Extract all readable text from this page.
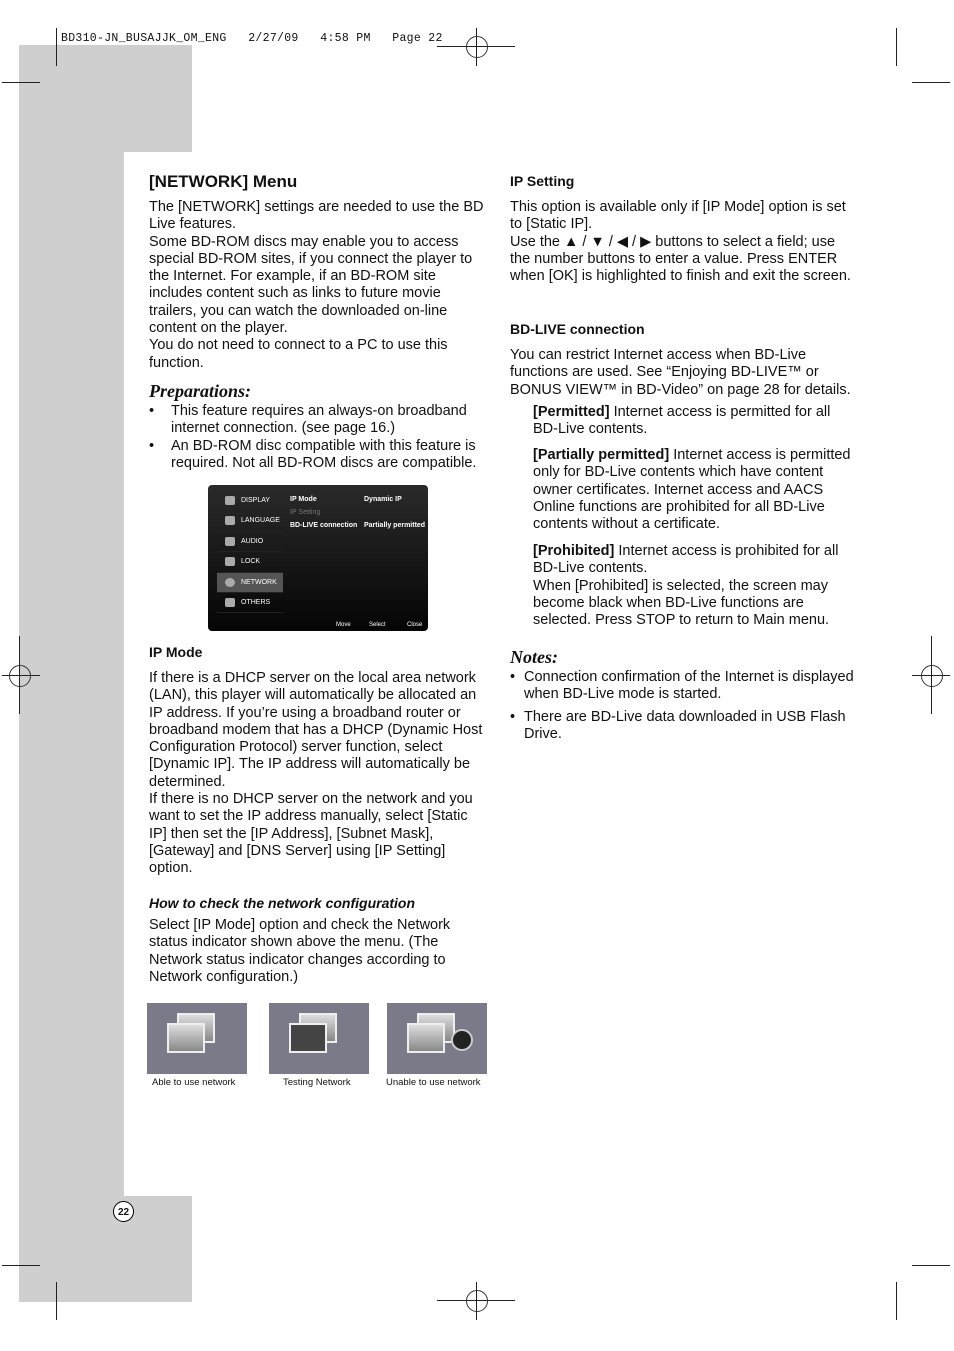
BD310-JN_BUSAJJK_OM_ENG   2/27/09   4:58 PM   Page 22
[NETWORK] Menu

The [NETWORK] settings are needed to use the BD Live features.

Some BD-ROM discs may enable you to access special BD-ROM sites, if you connect the player to the Internet. For example, if an BD-ROM site includes content such as links to future movie trailers, you can watch the downloaded on-line content on the player.

You do not need to connect to a PC to use this function.

Preparations:
• This feature requires an always-on broadband internet connection. (see page 16.)
• An BD-ROM disc compatible with this feature is required. Not all BD-ROM discs are compatible.
DISPLAY
LANGUAGE
AUDIO
LOCK
NETWORK
OTHERS
IP Mode	Dynamic IP
IP Setting
BD-LIVE connection Partially permitted
Move	Select	Close
IP Mode

If there is a DHCP server on the local area network (LAN), this player will automatically be allocated an IP address. If you’re using a broadband router or broadband modem that has a DHCP (Dynamic Host Configuration Protocol) server function, select [Dynamic IP]. The IP address will automatically be determined.

If there is no DHCP server on the network and you want to set the IP address manually, select [Static IP] then set the [IP Address], [Subnet Mask], [Gateway] and [DNS Server] using [IP Setting] option.

How to check the network configuration
Select [IP Mode] option and check the Network status indicator shown above the menu. (The Network status indicator changes according to Network configuration.)
Able to use network	Testing Network	Unable to use network
IP Setting

This option is available only if [IP Mode] option is set to [Static IP].

Use the ▲ / ▼ / ◀ / ▶ buttons to select a field; use the number buttons to enter a value. Press ENTER when [OK] is highlighted to finish and exit the screen.

BD-LIVE connection
You can restrict Internet access when BD-Live functions are used. See “Enjoying BD-LIVE™ or BONUS VIEW™ in BD-Video” on page 28 for details.
[Permitted] Internet access is permitted for all BD-Live contents.
[Partially permitted] Internet access is permitted only for BD-Live contents which have content owner certificates. Internet access and AACS Online functions are prohibited for all BD-Live contents without a certificate.
[Prohibited] Internet access is prohibited for all BD-Live contents.

When [Prohibited] is selected, the screen may become black when BD-Live functions are selected. Press STOP to return to Main menu.

Notes:
• Connection confirmation of the Internet is displayed when BD-Live mode is started.
• There are BD-Live data downloaded in USB Flash Drive.
22
